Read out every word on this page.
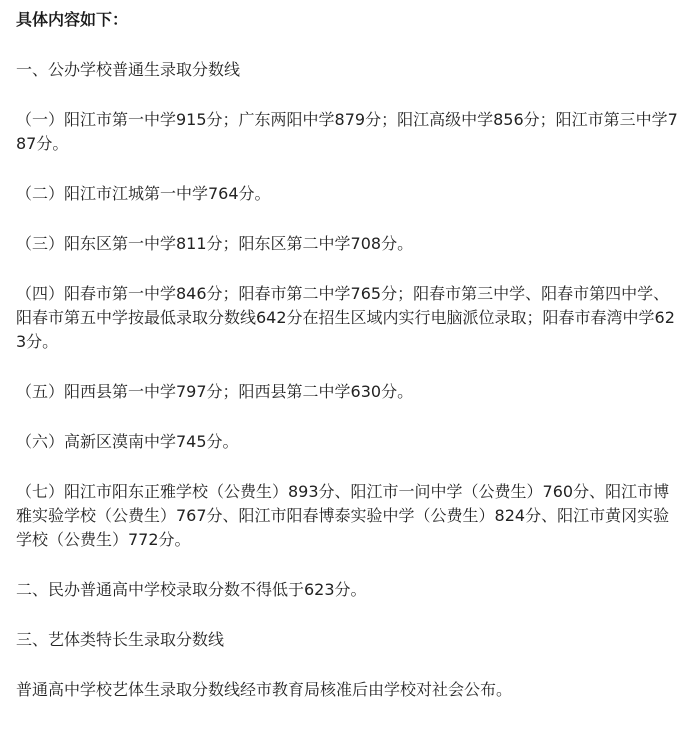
具体内容如下：
一、公办学校普通生录取分数线
（一）阳江市第一中学915分；广东两阳中学879分；阳江高级中学856分；阳江市第三中学787分。
（二）阳江市江城第一中学764分。
（三）阳东区第一中学811分；阳东区第二中学708分。
（四）阳春市第一中学846分；阳春市第二中学765分；阳春市第三中学、阳春市第四中学、阳春市第五中学按最低录取分数线642分在招生区域内实行电脑派位录取；阳春市春湾中学623分。
（五）阳西县第一中学797分；阳西县第二中学630分。
（六）高新区漠南中学745分。
（七）阳江市阳东正雅学校（公费生）893分、阳江市一问中学（公费生）760分、阳江市博雅实验学校（公费生）767分、阳江市阳春博泰实验中学（公费生）824分、阳江市黄冈实验学校（公费生）772分。
二、民办普通高中学校录取分数不得低于623分。
三、艺体类特长生录取分数线
普通高中学校艺体生录取分数线经市教育局核准后由学校对社会公布。
